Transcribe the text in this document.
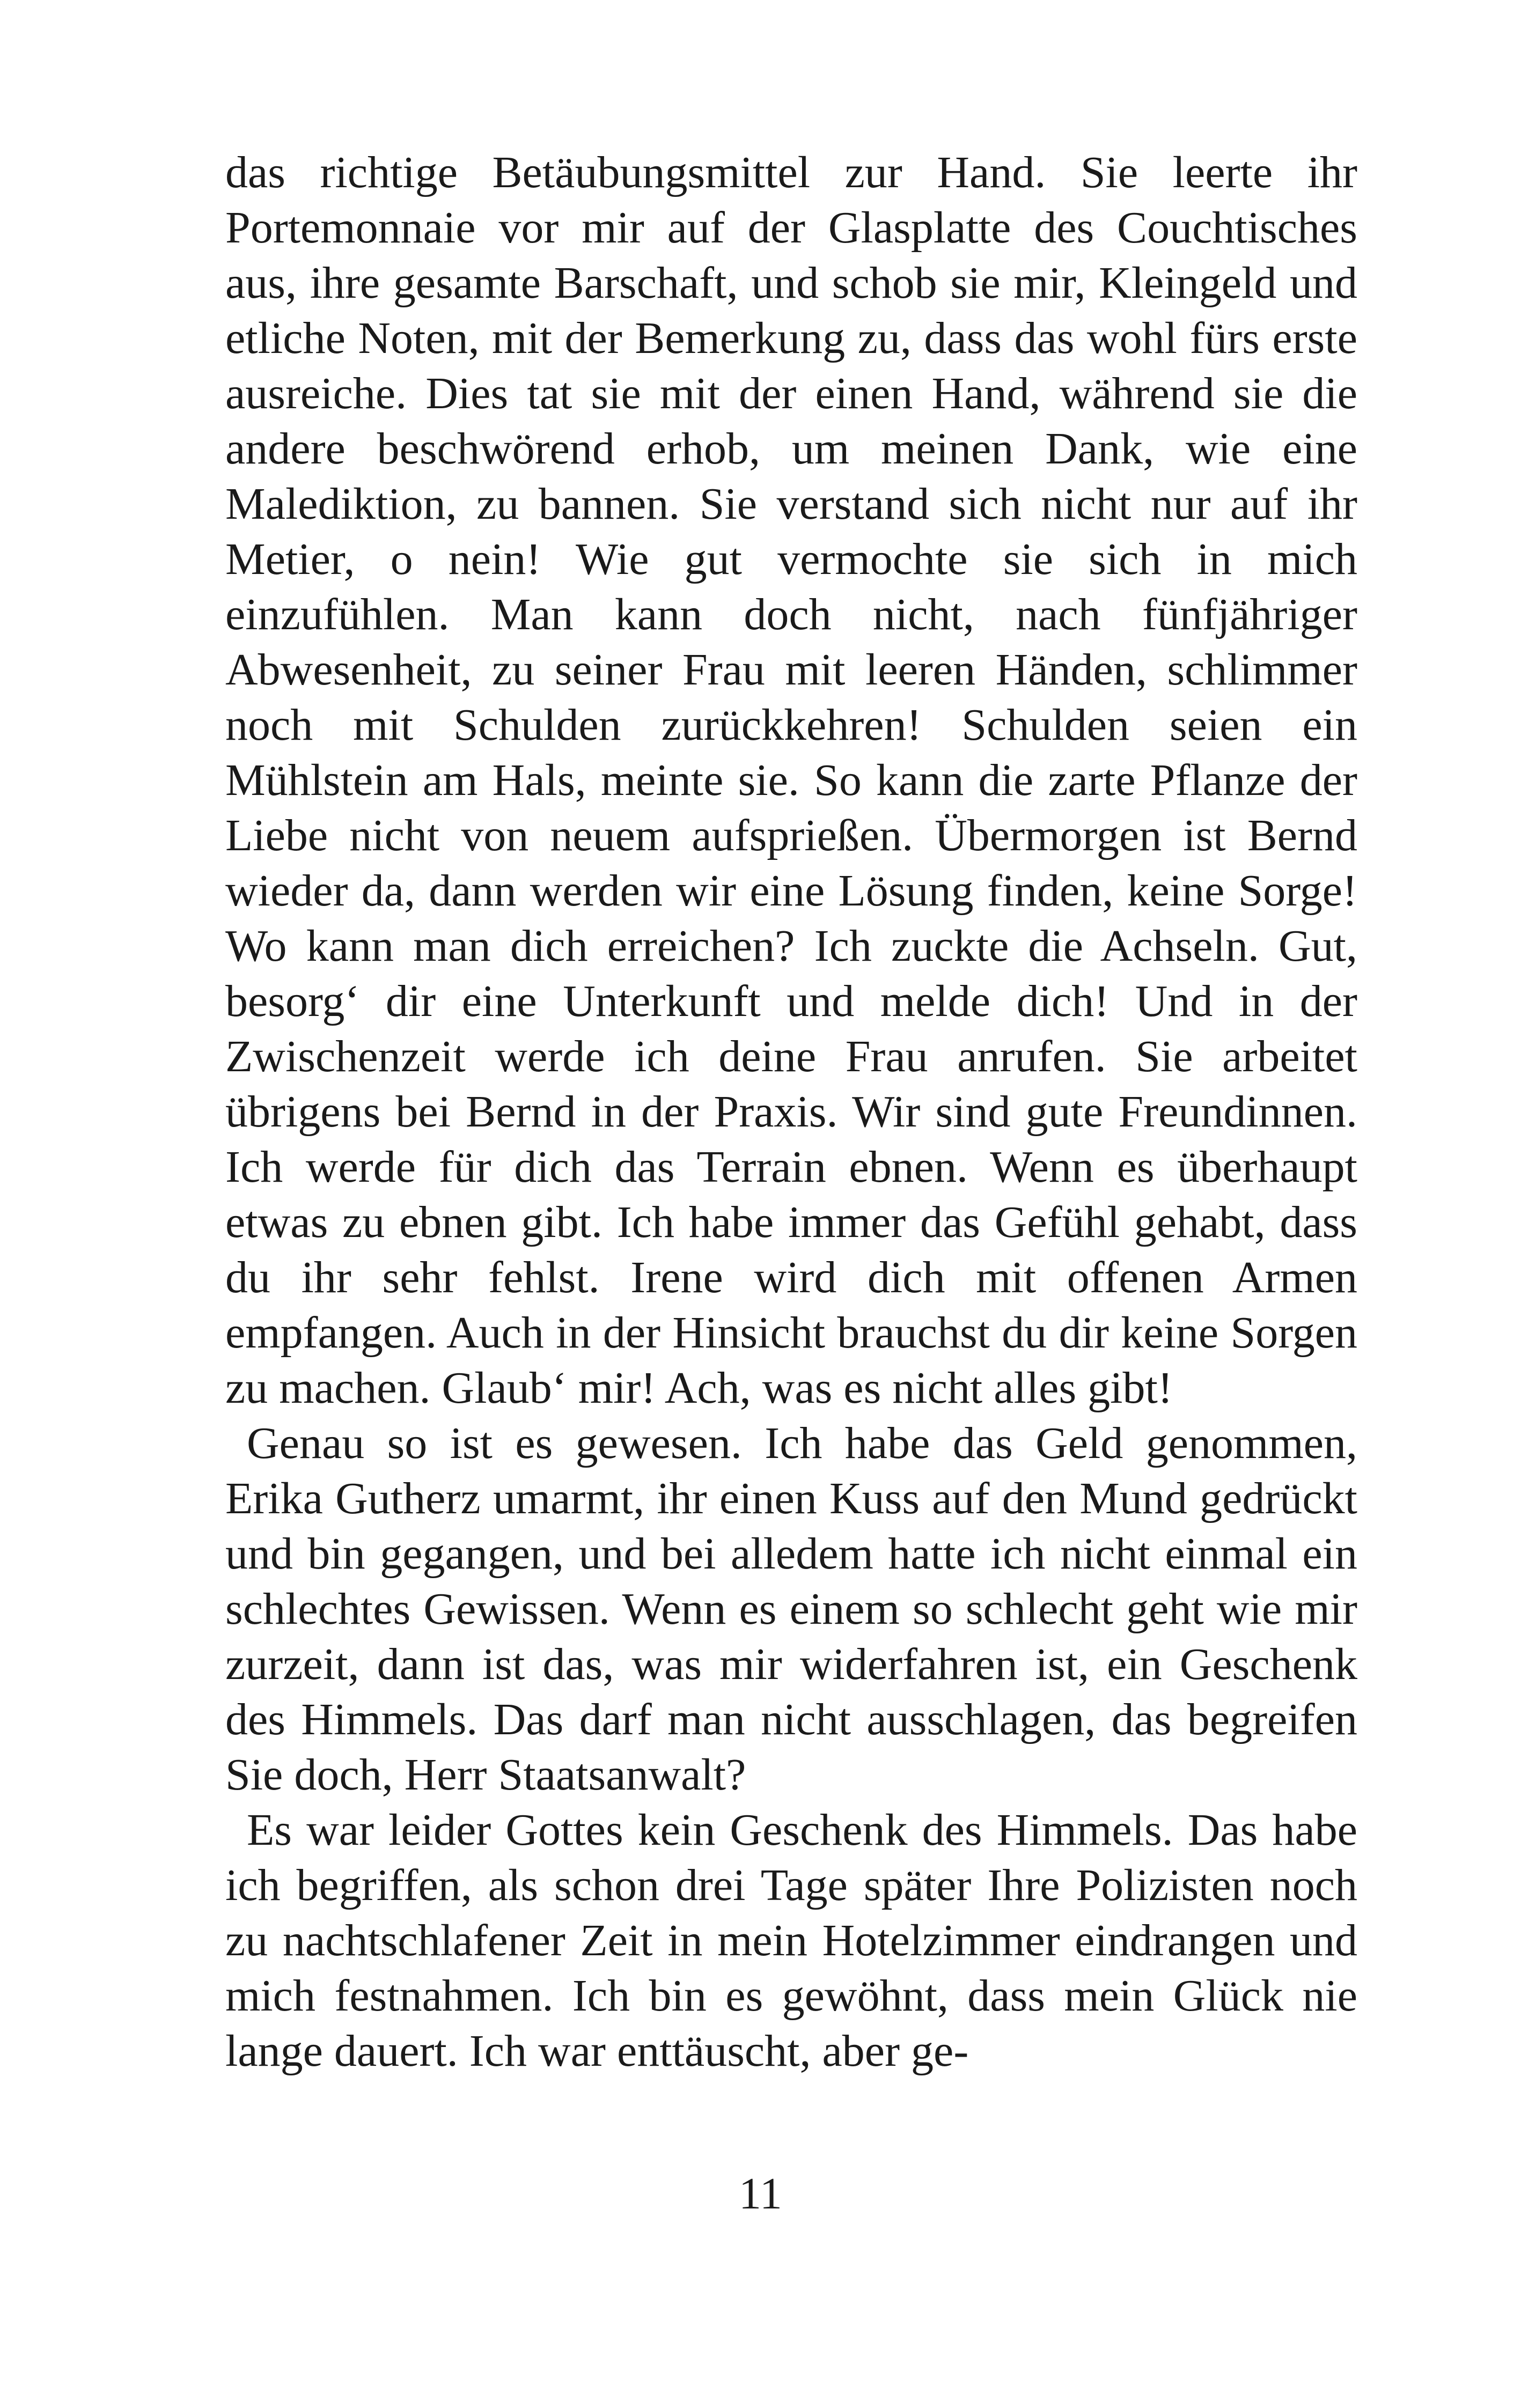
das richtige Betäubungsmittel zur Hand. Sie leerte ihr Portemonnaie vor mir auf der Glasplatte des Couchtisches aus, ihre gesamte Barschaft, und schob sie mir, Kleingeld und etliche Noten, mit der Bemerkung zu, dass das wohl fürs erste ausreiche. Dies tat sie mit der einen Hand, während sie die andere beschwörend erhob, um meinen Dank, wie eine Malediktion, zu bannen. Sie verstand sich nicht nur auf ihr Metier, o nein! Wie gut vermochte sie sich in mich einzufühlen. Man kann doch nicht, nach fünfjähriger Abwesenheit, zu seiner Frau mit leeren Händen, schlimmer noch mit Schulden zurückkehren! Schulden seien ein Mühlstein am Hals, meinte sie. So kann die zarte Pflanze der Liebe nicht von neuem aufsprießen. Übermorgen ist Bernd wieder da, dann werden wir eine Lösung finden, keine Sorge! Wo kann man dich erreichen? Ich zuckte die Achseln. Gut, besorg‘ dir eine Unterkunft und melde dich! Und in der Zwischenzeit werde ich deine Frau anrufen. Sie arbeitet übrigens bei Bernd in der Praxis. Wir sind gute Freundinnen. Ich werde für dich das Terrain ebnen. Wenn es überhaupt etwas zu ebnen gibt. Ich habe immer das Gefühl gehabt, dass du ihr sehr fehlst. Irene wird dich mit offenen Armen empfangen. Auch in der Hinsicht brauchst du dir keine Sorgen zu machen. Glaub‘ mir! Ach, was es nicht alles gibt!

Genau so ist es gewesen. Ich habe das Geld genommen, Erika Gutherz umarmt, ihr einen Kuss auf den Mund gedrückt und bin gegangen, und bei alledem hatte ich nicht einmal ein schlechtes Gewissen. Wenn es einem so schlecht geht wie mir zurzeit, dann ist das, was mir widerfahren ist, ein Geschenk des Himmels. Das darf man nicht ausschlagen, das begreifen Sie doch, Herr Staatsanwalt?

Es war leider Gottes kein Geschenk des Himmels. Das habe ich begriffen, als schon drei Tage später Ihre Polizisten noch zu nachtschlafener Zeit in mein Hotelzimmer eindrangen und mich festnahmen. Ich bin es gewöhnt, dass mein Glück nie lange dauert. Ich war enttäuscht, aber ge-

11
